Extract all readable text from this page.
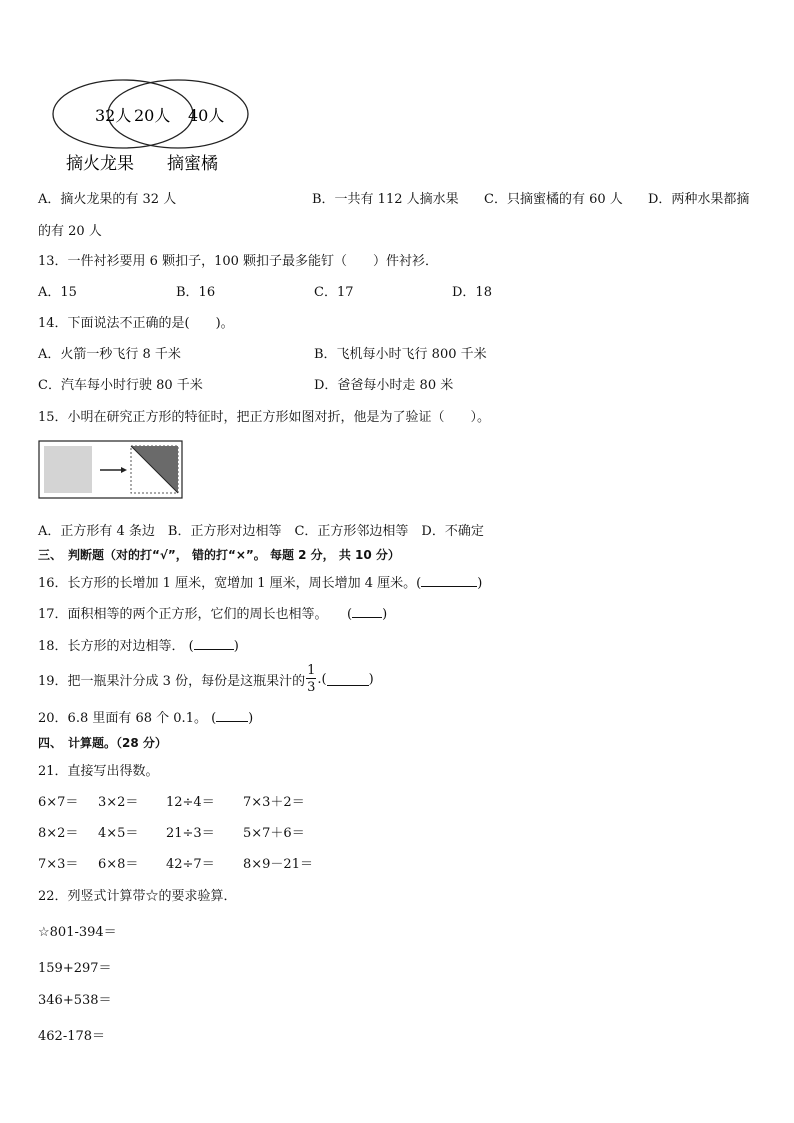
32人 20人 40人
摘火龙果 摘蜜橘
A．摘火龙果的有 32 人	B．一共有 112 人摘水果 C．只摘蜜橘的有 60 人 D．两种水果都摘
的有 20 人
13．一件衬衫要用 6 颗扣子，100 颗扣子最多能钉（　　）件衬衫．
A．15	B．16	C．17	D．18
14．下面说法不正确的是(　　)。
A．火箭一秒飞行 8 千米	B．飞机每小时飞行 800 千米
C．汽车每小时行驶 80 千米	D．爸爸每小时走 80 米
15．小明在研究正方形的特征时，把正方形如图对折，他是为了验证（　　）。
A．正方形有 4 条边　B．正方形对边相等　C．正方形邻边相等　D．不确定
三、　判断题（对的打“√”， 错的打“×”。 每题 2 分， 共 10 分）
16．长方形的长增加 1 厘米，宽增加 1 厘米，周长增加 4 厘米。(	)
17．面积相等的两个正方形，它们的周长也相等。　　( )
18．长方形的对边相等． (	)
19．把一瓶果汁分成 3 份，每份是这瓶果汁的 $\frac{1}{3}$ .(	)
20．6.8 里面有 68 个 0.1。 ( )
四、　计算题。（28 分）
21．直接写出得数。
6×7＝ 3×2＝ 12÷4＝ 7×3＋2＝
8×2＝ 4×5＝ 21÷3＝ 5×7＋6＝
7×3＝ 6×8＝ 42÷7＝ 8×9－21＝
22．列竖式计算带☆的要求验算．
☆801-394＝
159+297＝
346+538＝
462-178＝
